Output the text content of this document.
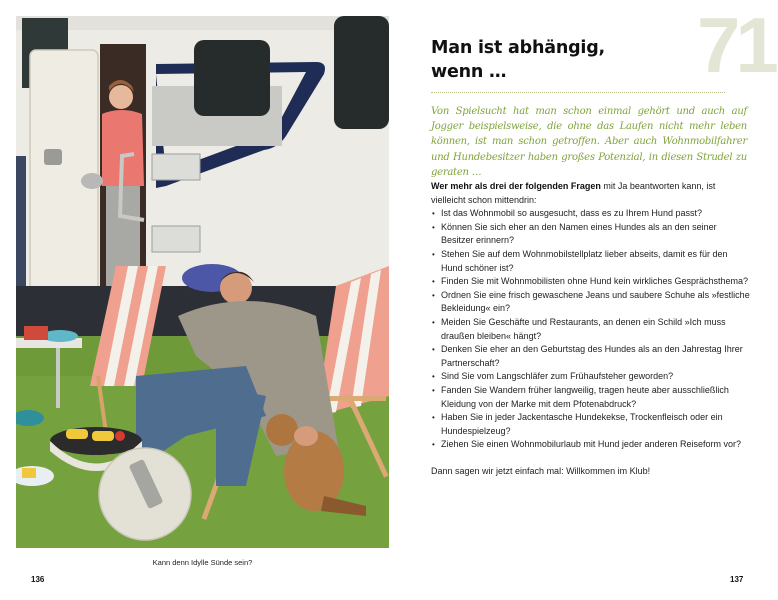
Kann denn Idylle Sünde sein?
136
71
Man ist abhängig,
wenn …

Von Spielsucht hat man schon einmal gehört und auch auf Jogger beispielsweise, die ohne das Laufen nicht mehr leben können, ist man schon getroffen. Aber auch Wohnmobilfahrer und Hundebesitzer haben großes Potenzial, in diesen Strudel zu geraten …

Wer mehr als drei der folgenden Fragen mit Ja beantworten kann, ist vielleicht schon mittendrin:

• Ist das Wohnmobil so ausgesucht, dass es zu Ihrem Hund passt?
• Können Sie sich eher an den Namen eines Hundes als an den seiner Besitzer erinnern?
• Stehen Sie auf dem Wohnmobilstellplatz lieber abseits, damit es für den Hund schöner ist?
• Finden Sie mit Wohnmobilisten ohne Hund kein wirkliches Gesprächsthema?
• Ordnen Sie eine frisch gewaschene Jeans und saubere Schuhe als »festliche Bekleidung« ein?
• Meiden Sie Geschäfte und Restaurants, an denen ein Schild »Ich muss draußen bleiben« hängt?
• Denken Sie eher an den Geburtstag des Hundes als an den Jahrestag Ihrer Partnerschaft?
• Sind Sie vom Langschläfer zum Frühaufsteher geworden?
• Fanden Sie Wandern früher langweilig, tragen heute aber ausschließlich Kleidung von der Marke mit dem Pfotenabdruck?
• Haben Sie in jeder Jackentasche Hundekekse, Trockenfleisch oder ein Hundespielzeug?
• Ziehen Sie einen Wohnmobilurlaub mit Hund jeder anderen Reiseform vor?

Dann sagen wir jetzt einfach mal: Willkommen im Klub!

137
